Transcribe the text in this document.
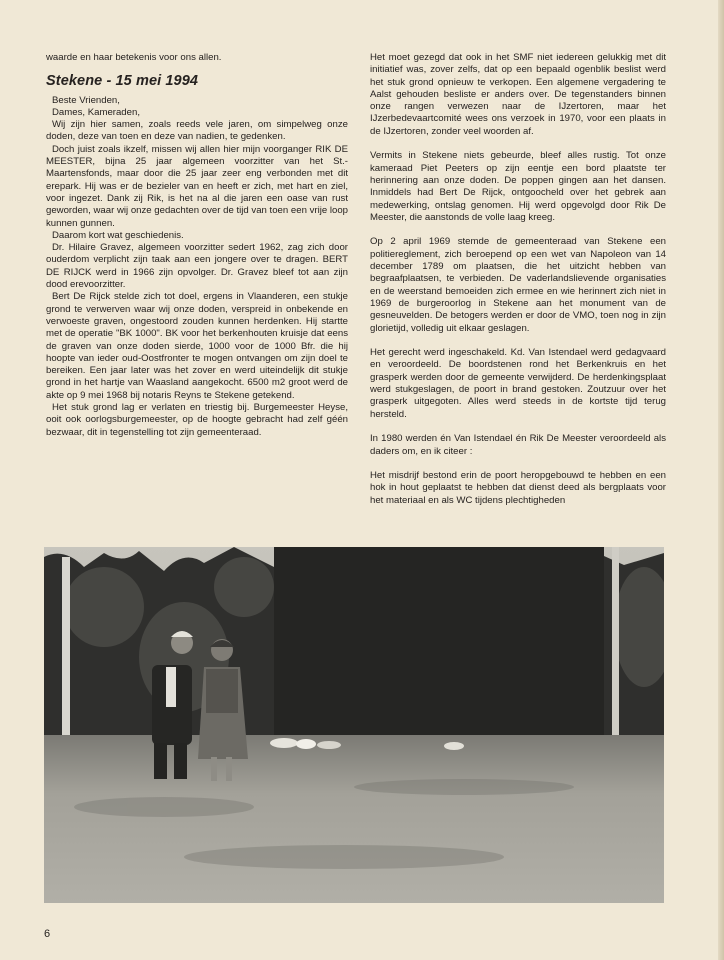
waarde en haar betekenis voor ons allen.

Stekene - 15 mei 1994

Beste Vrienden,

Dames, Kameraden,

Wij zijn hier samen, zoals reeds vele jaren, om simpelweg onze doden, deze van toen en deze van nadien, te gedenken.

Doch juist zoals ikzelf, missen wij allen hier mijn voorganger RIK DE MEESTER, bijna 25 jaar algemeen voorzitter van het St.-Maartensfonds, maar door die 25 jaar zeer eng verbonden met dit erepark. Hij was er de bezieler van en heeft er zich, met hart en ziel, voor ingezet. Dank zij Rik, is het na al die jaren een oase van rust geworden, waar wij onze gedachten over de tijd van toen een vrije loop kunnen gunnen.

Daarom kort wat geschiedenis.

Dr. Hilaire Gravez, algemeen voorzitter sedert 1962, zag zich door ouderdom verplicht zijn taak aan een jongere over te dragen. BERT DE RIJCK werd in 1966 zijn opvolger. Dr. Gravez bleef tot aan zijn dood erevoorzitter.

Bert De Rijck stelde zich tot doel, ergens in Vlaanderen, een stukje grond te verwerven waar wij onze doden, verspreid in onbekende en verwoeste graven, ongestoord zouden kunnen herdenken. Hij startte met de operatie "BK 1000". BK voor het berkenhouten kruisje dat eens de graven van onze doden sierde, 1000 voor de 1000 Bfr. die hij hoopte van ieder oud-Oostfronter te mogen ontvangen om zijn doel te bereiken. Een jaar later was het zover en werd uiteindelijk dit stukje grond in het hartje van Waasland aangekocht. 6500 m2 groot werd de akte op 9 mei 1968 bij notaris Reyns te Stekene getekend.

Het stuk grond lag er verlaten en triestig bij. Burgemeester Heyse, ooit ook oorlogsburgemeester, op de hoogte gebracht had zelf géén bezwaar, dit in tegenstelling tot zijn gemeenteraad.

Het moet gezegd dat ook in het SMF niet iedereen gelukkig met dit initiatief was, zover zelfs, dat op een bepaald ogenblik beslist werd het stuk grond opnieuw te verkopen. Een algemene vergadering te Aalst gehouden besliste er anders over. De tegenstanders binnen onze rangen verwezen naar de IJzertoren, maar het IJzerbedevaartcomité wees ons verzoek in 1970, voor een plaats in de IJzertoren, zonder veel woorden af.

Vermits in Stekene niets gebeurde, bleef alles rustig. Tot onze kameraad Piet Peeters op zijn eentje een bord plaatste ter herinnering aan onze doden. De poppen gingen aan het dansen. Inmiddels had Bert De Rijck, ontgoocheld over het gebrek aan medewerking, ontslag genomen. Hij werd opgevolgd door Rik De Meester, die aanstonds de volle laag kreeg.

Op 2 april 1969 stemde de gemeenteraad van Stekene een politiereglement, zich beroepend op een wet van Napoleon van 14 december 1789 om plaatsen, die het uitzicht hebben van begraafplaatsen, te verbieden. De vaderlandslievende organisaties en de weerstand bemoeiden zich ermee en wie herinnert zich niet in 1969 de burgeroorlog in Stekene aan het monument van de gesneuvelden. De betogers werden er door de VMO, toen nog in zijn glorietijd, volledig uit elkaar geslagen.

Het gerecht werd ingeschakeld. Kd. Van Istendael werd gedagvaard en veroordeeld. De boordstenen rond het Berkenkruis en het grasperk werden door de gemeente verwijderd. De herdenkingsplaat werd stukgeslagen, de poort in brand gestoken. Zoutzuur over het grasperk uitgegoten. Alles werd steeds in de kortste tijd terug hersteld.

In 1980 werden én Van Istendael én Rik De Meester veroordeeld als daders om, en ik citeer :

Het misdrijf bestond erin de poort heropgebouwd te hebben en een hok in hout geplaatst te hebben dat dienst deed als bergplaats voor het materiaal en als WC tijdens plechtigheden

6
